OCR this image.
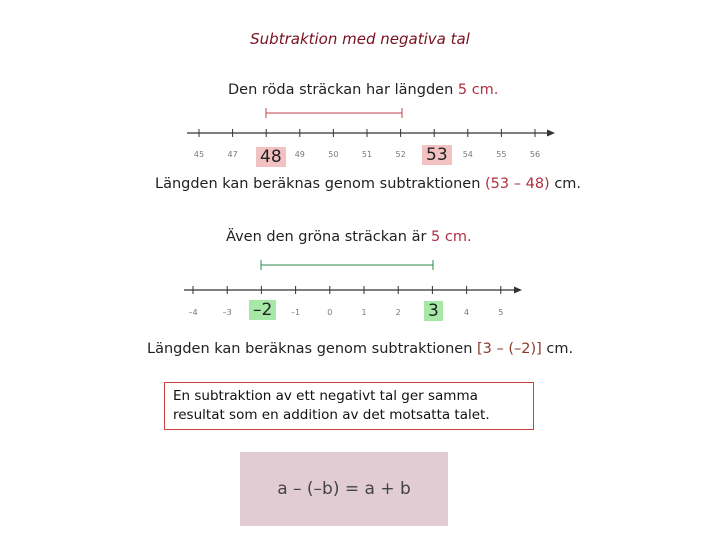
Subtraktion med negativa tal
Den röda sträckan har längden 5 cm.
45	47	49	50	51	52	54	55	56
48	53
Längden kan beräknas genom subtraktionen (53 – 48) cm.
Även den gröna sträckan är 5 cm.
–4	–3	–1	0	1	2	4	5
–2	3
Längden kan beräknas genom subtraktionen [3 – (–2)] cm.
En subtraktion av ett negativt tal ger samma resultat som en addition av det motsatta talet.
a – (–b) = a + b
